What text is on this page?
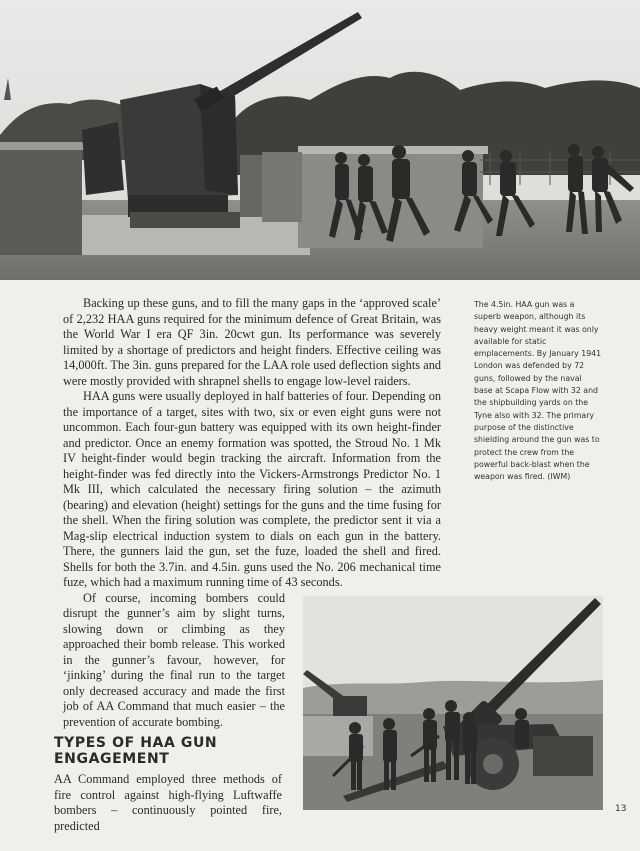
Backing up these guns, and to fill the many gaps in the ‘approved scale’ of 2,232 HAA guns required for the minimum defence of Great Britain, was the World War I era QF 3in. 20cwt gun. Its performance was severely limited by a shortage of predictors and height finders. Effective ceiling was 14,000ft. The 3in. guns prepared for the LAA role used deflection sights and were mostly provided with shrapnel shells to engage low-level raiders.

HAA guns were usually deployed in half batteries of four. Depending on the importance of a target, sites with two, six or even eight guns were not uncommon. Each four-gun battery was equipped with its own height-finder and predictor. Once an enemy formation was spotted, the Stroud No. 1 Mk IV height-finder would begin tracking the aircraft. Information from the height-finder was fed directly into the Vickers-Armstrongs Predictor No. 1 Mk III, which calculated the necessary firing solution – the azimuth (bearing) and elevation (height) settings for the guns and the time fusing for the shell. When the firing solution was complete, the predictor sent it via a Mag-slip electrical induction system to dials on each gun in the battery. There, the gunners laid the gun, set the fuze, loaded the shell and fired. Shells for both the 3.7in. and 4.5in. guns used the No. 206 mechanical time fuze, which had a maximum running time of 43 seconds.

Of course, incoming bombers could disrupt the gunner’s aim by slight turns, slowing down or climbing as they approached their bomb release. This worked in the gunner’s favour, however, for ‘jinking’ during the final run to the target only decreased accuracy and made the first job of AA Command that much easier – the prevention of accurate bombing.

The 4.5in. HAA gun was a superb weapon, although its heavy weight meant it was only available for static emplacements. By January 1941 London was defended by 72 guns, followed by the naval base at Scapa Flow with 32 and the shipbuilding yards on the Tyne also with 32. The primary purpose of the distinctive shielding around the gun was to protect the crew from the powerful back-blast when the weapon was fired. (IWM)

TYPES OF HAA GUN ENGAGEMENT

AA Command employed three methods of fire control against high-flying Luftwaffe bombers – continuously pointed fire, predicted

13
